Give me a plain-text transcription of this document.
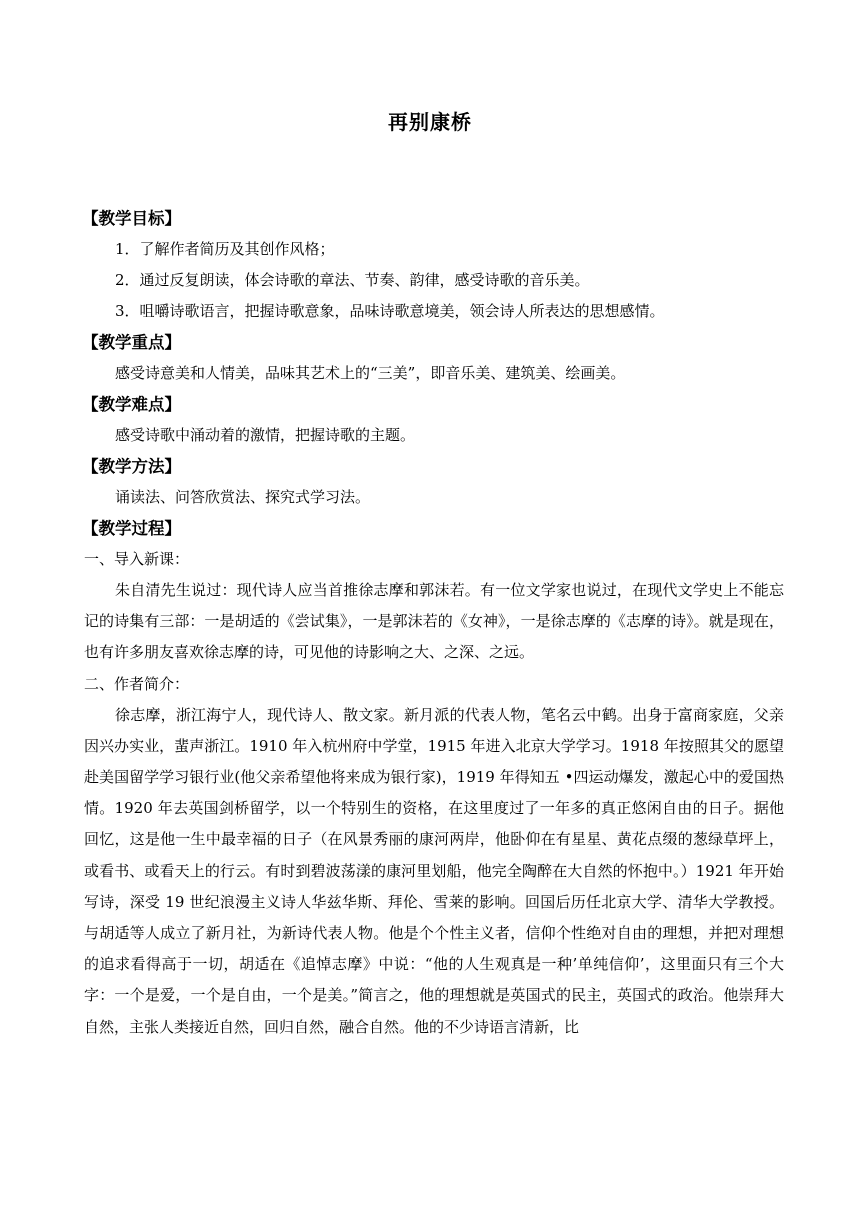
再别康桥
【教学目标】
1．了解作者简历及其创作风格；
2．通过反复朗读，体会诗歌的章法、节奏、韵律，感受诗歌的音乐美。
3．咀嚼诗歌语言，把握诗歌意象，品味诗歌意境美，领会诗人所表达的思想感情。
【教学重点】
感受诗意美和人情美，品味其艺术上的“三美”，即音乐美、建筑美、绘画美。
【教学难点】
感受诗歌中涌动着的激情，把握诗歌的主题。
【教学方法】
诵读法、问答欣赏法、探究式学习法。
【教学过程】
一、导入新课：
朱自清先生说过：现代诗人应当首推徐志摩和郭沫若。有一位文学家也说过，在现代文学史上不能忘记的诗集有三部：一是胡适的《尝试集》，一是郭沫若的《女神》，一是徐志摩的《志摩的诗》。就是现在，也有许多朋友喜欢徐志摩的诗，可见他的诗影响之大、之深、之远。
二、作者简介：
徐志摩，浙江海宁人，现代诗人、散文家。新月派的代表人物，笔名云中鹤。出身于富商家庭，父亲因兴办实业，蜚声浙江。1910 年入杭州府中学堂，1915 年进入北京大学学习。1918 年按照其父的愿望赴美国留学学习银行业(他父亲希望他将来成为银行家)，1919 年得知五 •四运动爆发，激起心中的爱国热情。1920 年去英国剑桥留学，以一个特别生的资格，在这里度过了一年多的真正悠闲自由的日子。据他回忆，这是他一生中最幸福的日子（在风景秀丽的康河两岸，他卧仰在有星星、黄花点缀的葱绿草坪上，或看书、或看天上的行云。有时到碧波荡漾的康河里划船，他完全陶醉在大自然的怀抱中。）1921 年开始写诗，深受 19 世纪浪漫主义诗人华兹华斯、拜伦、雪莱的影响。回国后历任北京大学、清华大学教授。与胡适等人成立了新月社，为新诗代表人物。他是个个性主义者，信仰个性绝对自由的理想，并把对理想的追求看得高于一切，胡适在《追悼志摩》中说：“他的人生观真是一种’单纯信仰’，这里面只有三个大字：一个是爱，一个是自由，一个是美。”简言之，他的理想就是英国式的民主，英国式的政治。他崇拜大自然，主张人类接近自然，回归自然，融合自然。他的不少诗语言清新，比
